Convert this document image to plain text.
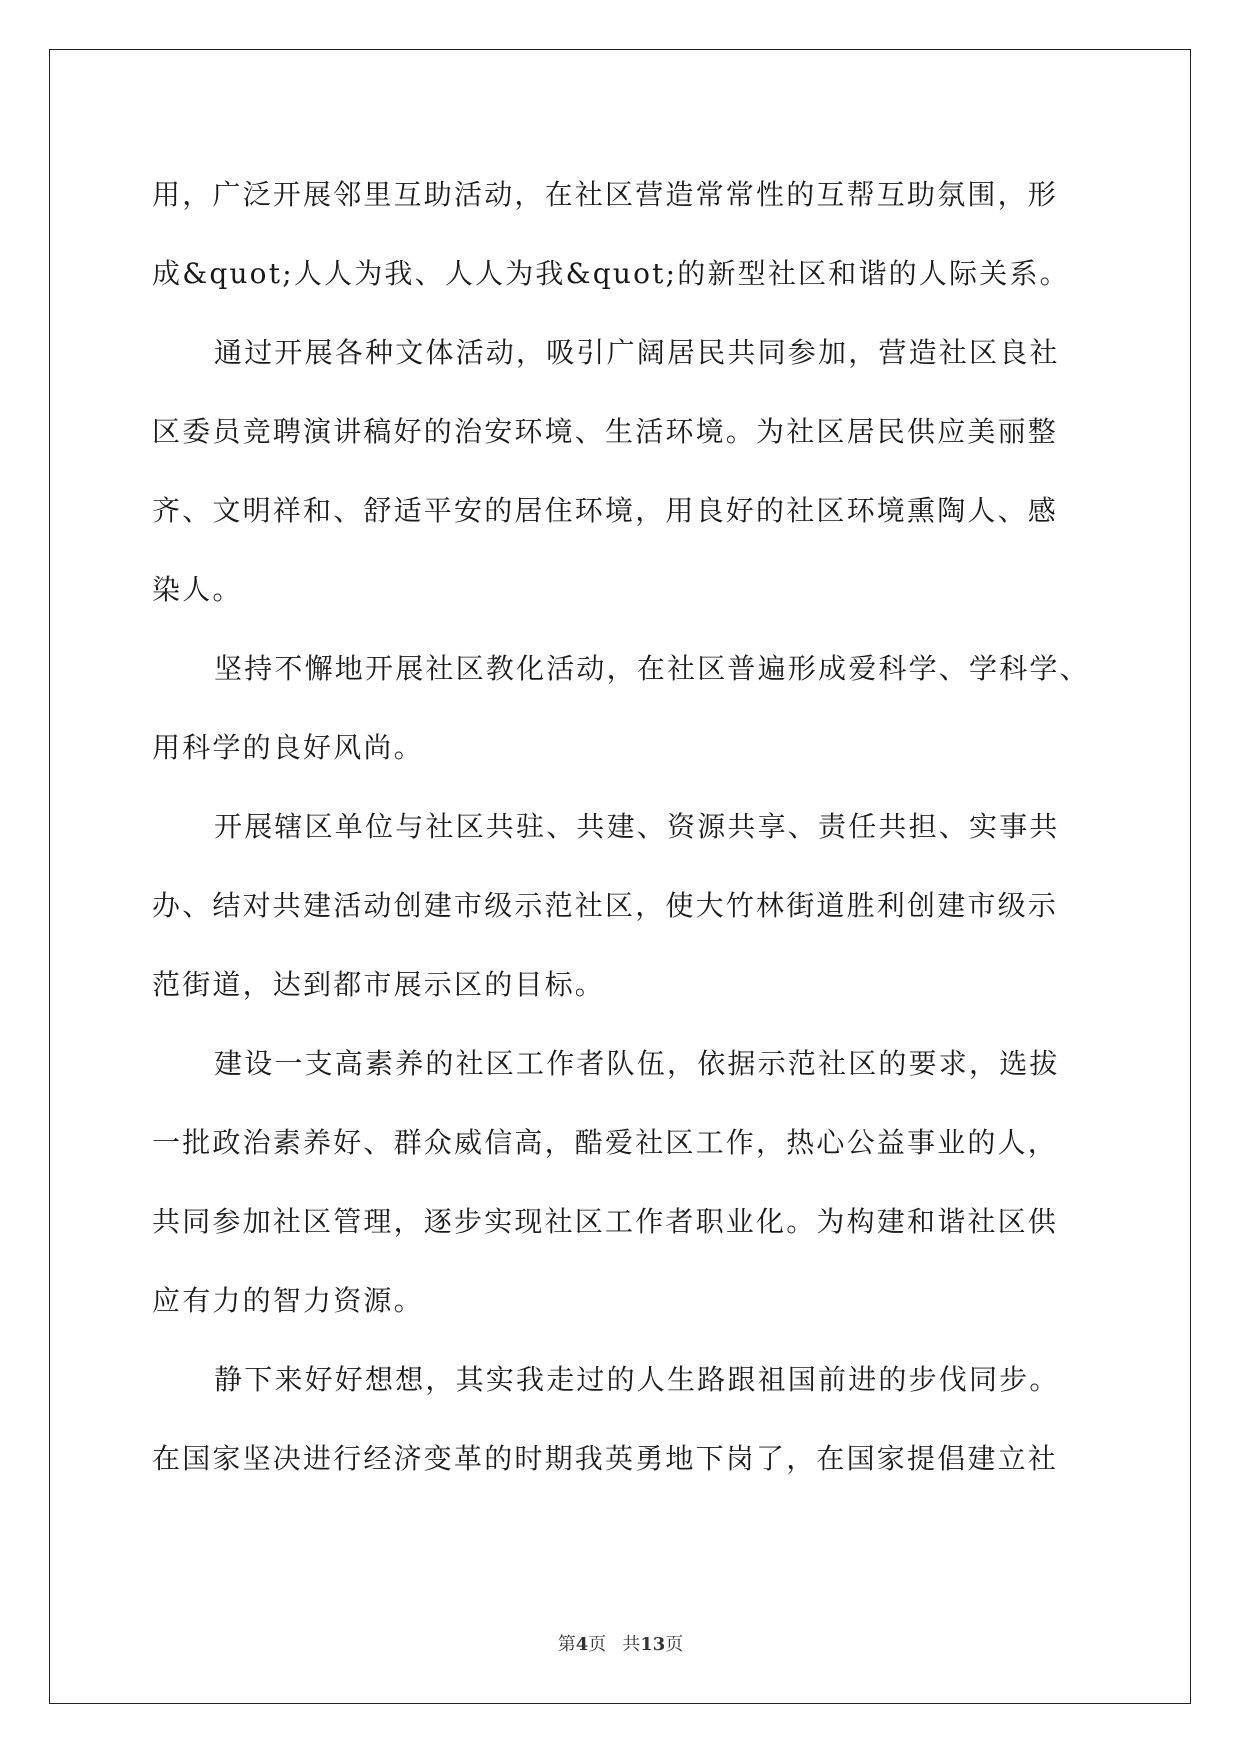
用，广泛开展邻里互助活动，在社区营造常常性的互帮互助氛围，形
成&quot;人人为我、人人为我&quot;的新型社区和谐的人际关系。
通过开展各种文体活动，吸引广阔居民共同参加，营造社区良社
区委员竞聘演讲稿好的治安环境、生活环境。为社区居民供应美丽整
齐、文明祥和、舒适平安的居住环境，用良好的社区环境熏陶人、感
染人。
坚持不懈地开展社区教化活动，在社区普遍形成爱科学、学科学、
用科学的良好风尚。
开展辖区单位与社区共驻、共建、资源共享、责任共担、实事共
办、结对共建活动创建市级示范社区，使大竹林街道胜利创建市级示
范街道，达到都市展示区的目标。
建设一支高素养的社区工作者队伍，依据示范社区的要求，选拔
一批政治素养好、群众威信高，酷爱社区工作，热心公益事业的人，
共同参加社区管理，逐步实现社区工作者职业化。为构建和谐社区供
应有力的智力资源。
静下来好好想想，其实我走过的人生路跟祖国前进的步伐同步。
在国家坚决进行经济变革的时期我英勇地下岗了，在国家提倡建立社
第4页 共13页
